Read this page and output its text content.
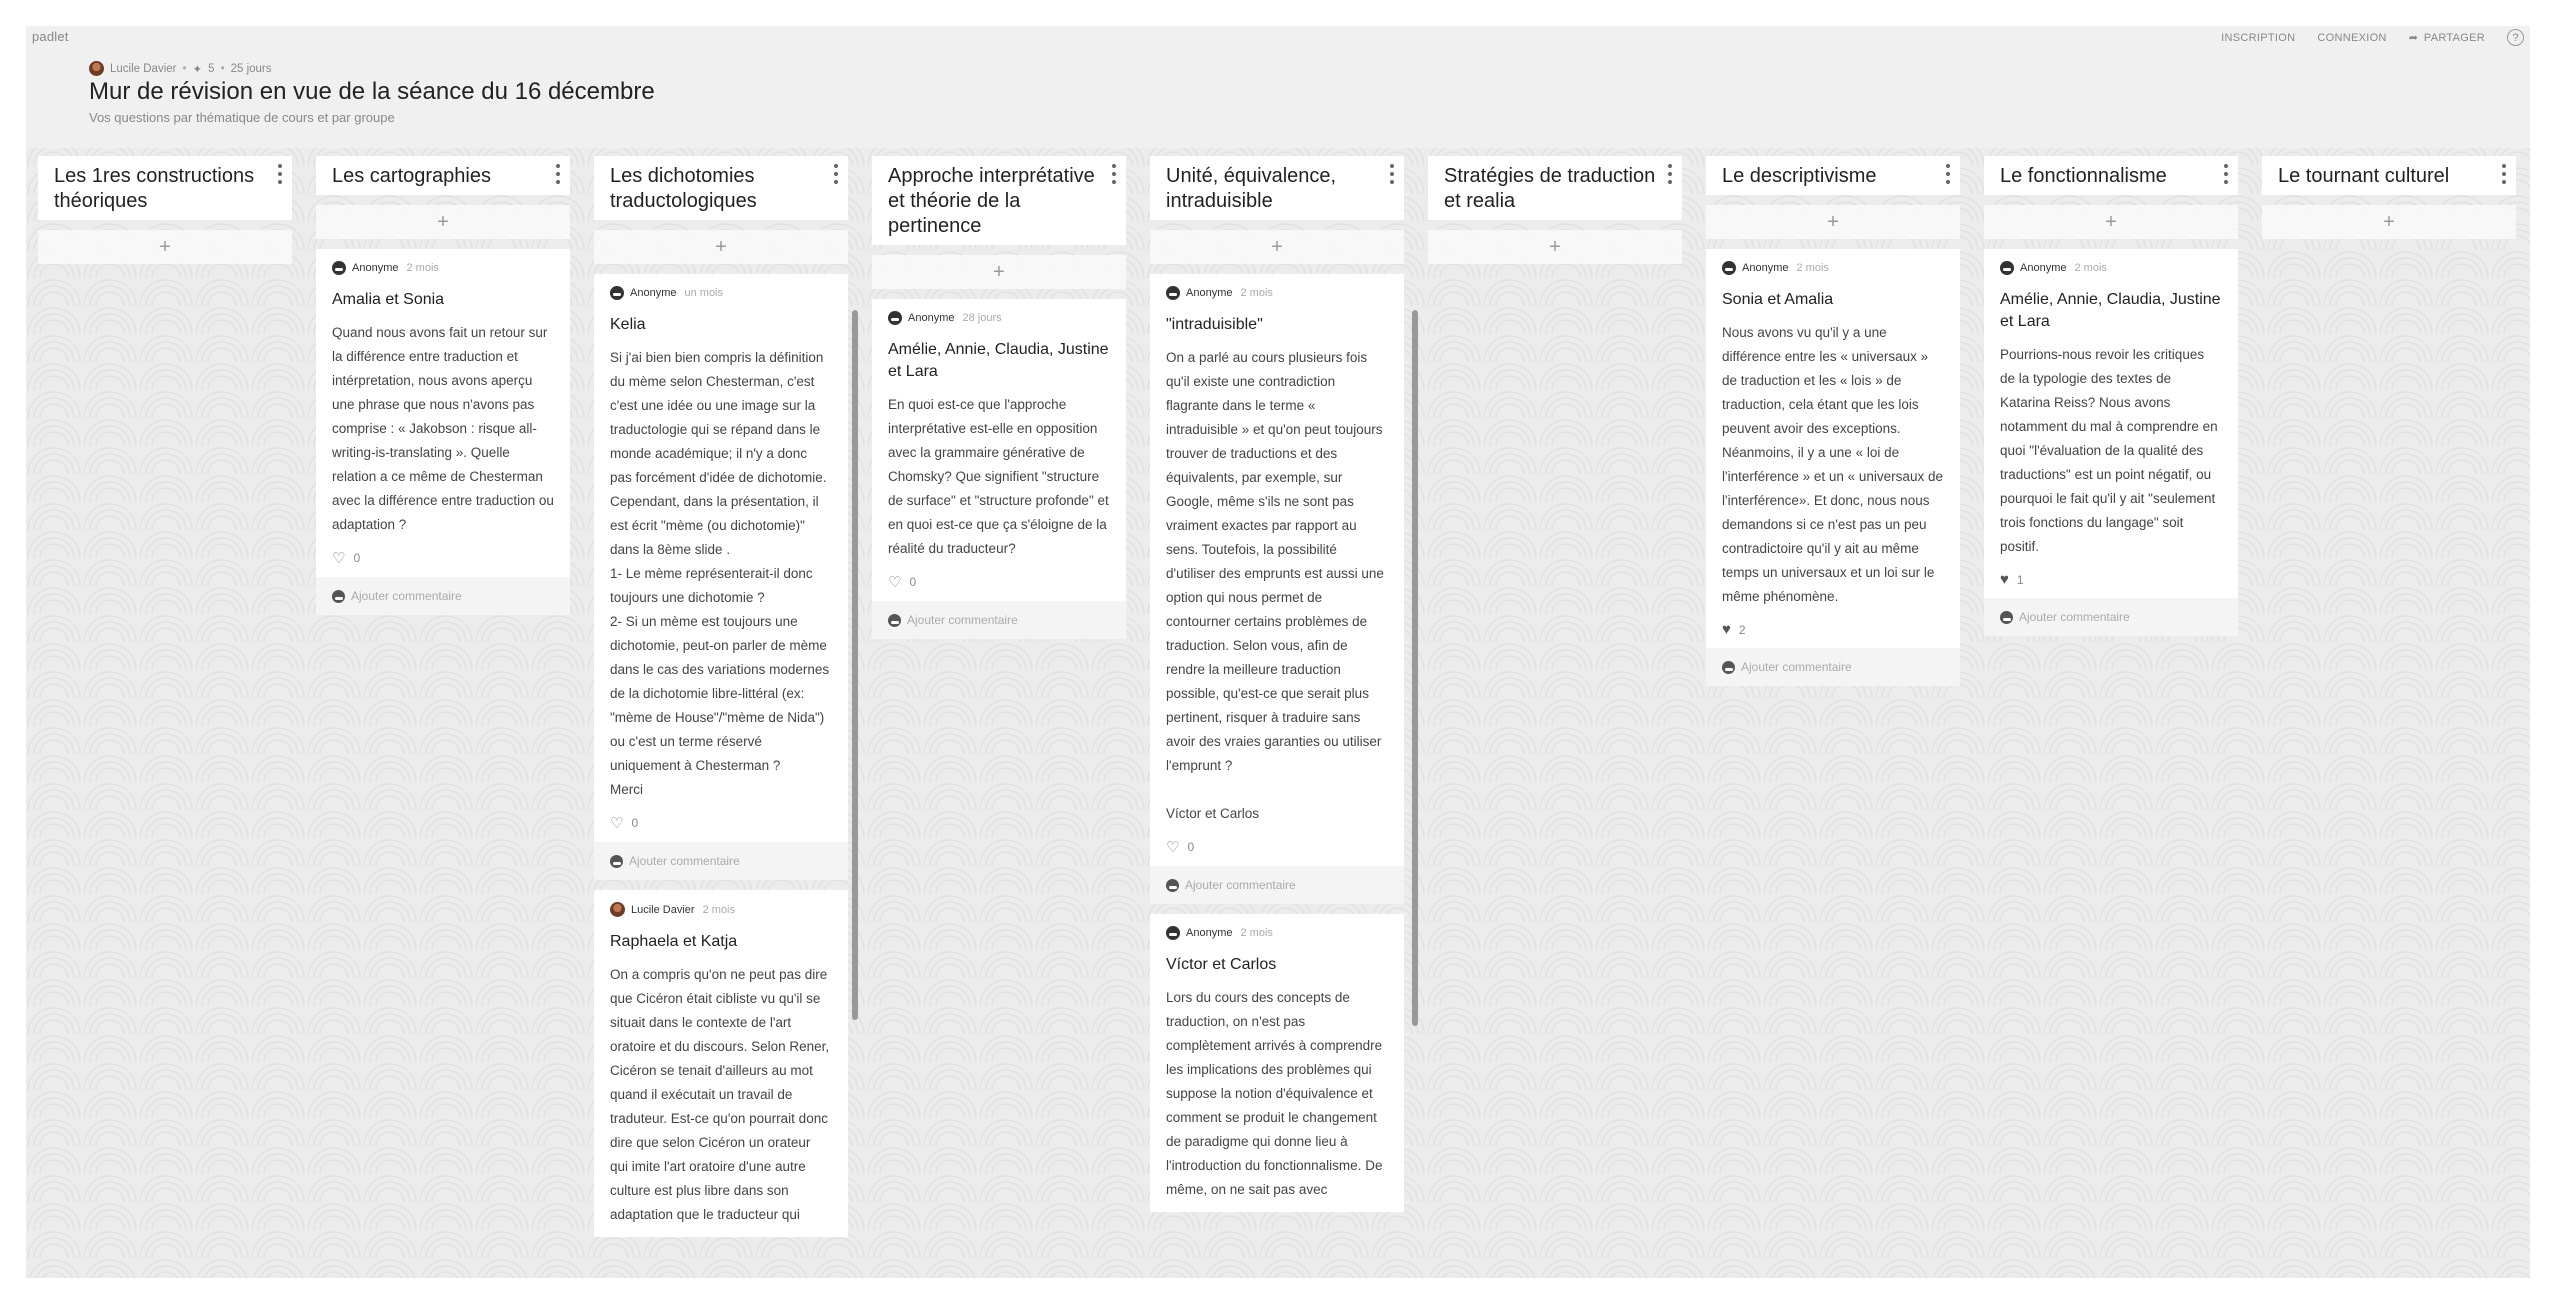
padlet	INSCRIPTION CONNEXION ➦ PARTAGER	?
Lucile Davier • ✦ 5 • 25 jours
Mur de révision en vue de la séance du 16 décembre
Vos questions par thématique de cours et par groupe
Les 1res constructions théoriques
+
Les cartographies
+
Anonyme 2 mois
Amalia et Sonia
Quand nous avons fait un retour sur la différence entre traduction et intérpretation, nous avons aperçu une phrase que nous n'avons pas comprise : « Jakobson : risque all-writing-is-translating ». Quelle relation a ce même de Chesterman avec la différence entre traduction ou adaptation ?
♡ 0
Ajouter commentaire
Les dichotomies traductologiques
+
Anonyme un mois
Kelia
Si j'ai bien bien compris la définition du mème selon Chesterman, c'est c'est une idée ou une image sur la traductologie qui se répand dans le monde académique; il n'y a donc pas forcément d'idée de dichotomie. Cependant, dans la présentation, il est écrit "mème (ou dichotomie)" dans la 8ème slide .
1- Le mème représenterait-il donc toujours une dichotomie ?
2- Si un mème est toujours une dichotomie, peut-on parler de mème dans le cas des variations modernes de la dichotomie libre-littéral (ex: "mème de House"/"mème de Nida") ou c'est un terme réservé uniquement à Chesterman ?
Merci
♡ 0
Ajouter commentaire
Lucile Davier 2 mois
Raphaela et Katja
On a compris qu'on ne peut pas dire que Cicéron était cibliste vu qu'il se situait dans le contexte de l'art oratoire et du discours. Selon Rener, Cicéron se tenait d'ailleurs au mot quand il exécutait un travail de traduteur. Est-ce qu'on pourrait donc dire que selon Cicéron un orateur qui imite l'art oratoire d'une autre culture est plus libre dans son adaptation que le traducteur qui
Approche interprétative et théorie de la pertinence
+
Anonyme 28 jours
Amélie, Annie, Claudia, Justine et Lara
En quoi est-ce que l'approche interprétative est-elle en opposition avec la grammaire générative de Chomsky? Que signifient "structure de surface" et "structure profonde" et en quoi est-ce que ça s'éloigne de la réalité du traducteur?
♡ 0
Ajouter commentaire
Unité, équivalence, intraduisible
+
Anonyme 2 mois
"intraduisible"
On a parlé au cours plusieurs fois qu'il existe une contradiction flagrante dans le terme « intraduisible » et qu'on peut toujours trouver de traductions et des équivalents, par exemple, sur Google, même s'ils ne sont pas vraiment exactes par rapport au sens. Toutefois, la possibilité d'utiliser des emprunts est aussi une option qui nous permet de contourner certains problèmes de traduction. Selon vous, afin de rendre la meilleure traduction possible, qu'est-ce que serait plus pertinent, risquer à traduire sans avoir des vraies garanties ou utiliser l'emprunt ?

Víctor et Carlos
♡ 0
Ajouter commentaire
Anonyme 2 mois
Víctor et Carlos
Lors du cours des concepts de traduction, on n'est pas complètement arrivés à comprendre les implications des problèmes qui suppose la notion d'équivalence et comment se produit le changement de paradigme qui donne lieu à l'introduction du fonctionnalisme. De même, on ne sait pas avec
Stratégies de traduction et realia
+
Le descriptivisme
+
Anonyme 2 mois
Sonia et Amalia
Nous avons vu qu'il y a une différence entre les « universaux » de traduction et les « lois » de traduction, cela étant que les lois peuvent avoir des exceptions. Néanmoins, il y a une « loi de l'interférence » et un « universaux de l'interférence». Et donc, nous nous demandons si ce n'est pas un peu contradictoire qu'il y ait au même temps un universaux et un loi sur le même phénomène.
♥ 2
Ajouter commentaire
Le fonctionnalisme
+
Anonyme 2 mois
Amélie, Annie, Claudia, Justine et Lara
Pourrions-nous revoir les critiques de la typologie des textes de Katarina Reiss? Nous avons notamment du mal à comprendre en quoi "l'évaluation de la qualité des traductions" est un point négatif, ou pourquoi le fait qu'il y ait "seulement trois fonctions du langage" soit positif.
♥ 1
Ajouter commentaire
Le tournant culturel
+
